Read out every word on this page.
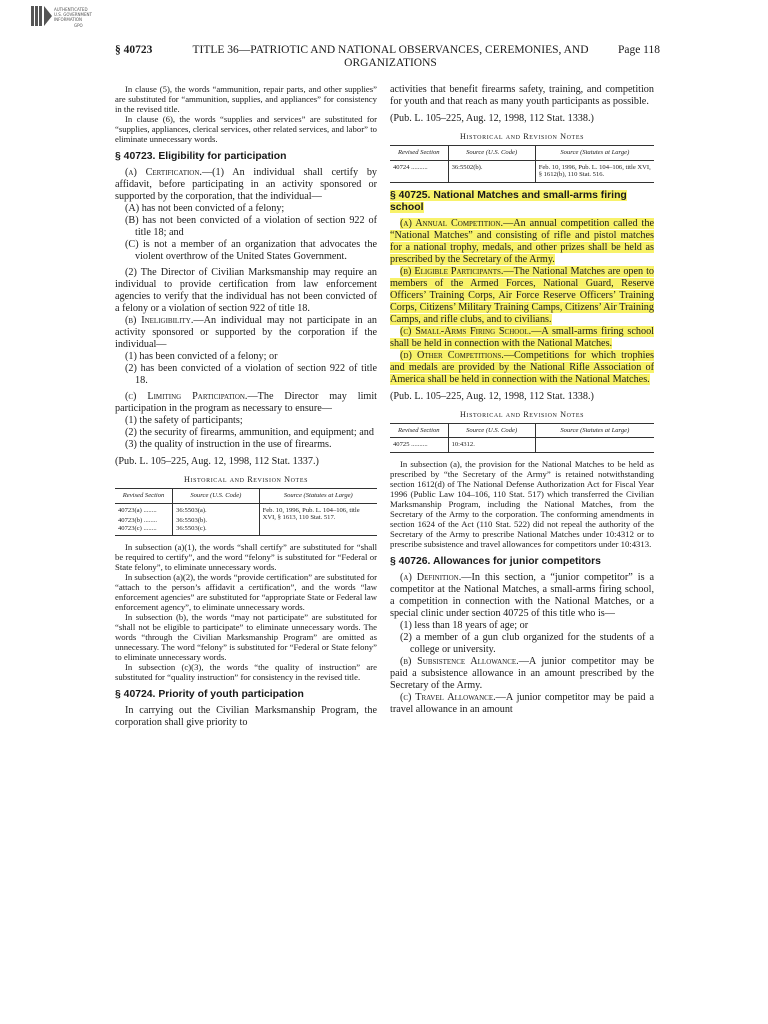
AUTHENTICATED
U.S. GOVERNMENT
INFORMATION
GPO
§ 40723	TITLE 36—PATRIOTIC AND NATIONAL OBSERVANCES, CEREMONIES, AND ORGANIZATIONS
Page 118

In clause (5), the words “ammunition, repair parts, and other supplies” are substituted for “ammunition, supplies, and appliances” for consistency in the revised title.

In clause (6), the words “supplies and services” are substituted for “supplies, appliances, clerical services, other related services, and labor” to eliminate unnecessary words.

§ 40723. Eligibility for participation

(a) Certification.—(1) An individual shall certify by affidavit, before participating in an activity sponsored or supported by the corporation, that the individual—

(A) has not been convicted of a felony;

(B) has not been convicted of a violation of section 922 of title 18; and

(C) is not a member of an organization that advocates the violent overthrow of the United States Government.

(2) The Director of Civilian Marksmanship may require an individual to provide certification from law enforcement agencies to verify that the individual has not been convicted of a felony or a violation of section 922 of title 18.

(b) Ineligibility.—An individual may not participate in an activity sponsored or supported by the corporation if the individual—

(1) has been convicted of a felony; or

(2) has been convicted of a violation of section 922 of title 18.

(c) Limiting Participation.—The Director may limit participation in the program as necessary to ensure—

(1) the safety of participants;

(2) the security of firearms, ammunition, and equipment; and

(3) the quality of instruction in the use of firearms.

(Pub. L. 105–225, Aug. 12, 1998, 112 Stat. 1337.)

Historical and Revision Notes
Revised Section	Source (U.S. Code)	Source (Statutes at Large)
40723(a) ........	36:5503(a).	Feb. 10, 1996, Pub. L. 104–106, title XVI, § 1613, 110 Stat. 517.
40723(b) ........	36:5503(b).	
40723(c) ........	36:5503(c).	

In subsection (a)(1), the words “shall certify” are substituted for “shall be required to certify”, and the word “felony” is substituted for “Federal or State felony”, to eliminate unnecessary words.

In subsection (a)(2), the words “provide certification” are substituted for “attach to the person’s affidavit a certification”, and the words “law enforcement agencies” are substituted for “appropriate State or Federal law enforcement agency”, to eliminate unnecessary words.

In subsection (b), the words “may not participate” are substituted for “shall not be eligible to participate” to eliminate unnecessary words. The words “through the Civilian Marksmanship Program” are omitted as unnecessary. The word “felony” is substituted for “Federal or State felony” to eliminate unnecessary words.

In subsection (c)(3), the words “the quality of instruction” are substituted for “quality instruction” for consistency in the revised title.

§ 40724. Priority of youth participation

In carrying out the Civilian Marksmanship Program, the corporation shall give priority to

activities that benefit firearms safety, training, and competition for youth and that reach as many youth participants as possible.

(Pub. L. 105–225, Aug. 12, 1998, 112 Stat. 1338.)

Historical and Revision Notes
Revised Section	Source (U.S. Code)	Source (Statutes at Large)
40724 ..........	36:5502(b).	Feb. 10, 1996, Pub. L. 104–106, title XVI, § 1612(b), 110 Stat. 516.
§ 40725. National Matches and small-arms firing school

(a) Annual Competition.—An annual competition called the “National Matches” and consisting of rifle and pistol matches for a national trophy, medals, and other prizes shall be held as prescribed by the Secretary of the Army.

(b) Eligible Participants.—The National Matches are open to members of the Armed Forces, National Guard, Reserve Officers’ Training Corps, Air Force Reserve Officers’ Training Corps, Citizens’ Military Training Camps, Citizens’ Air Training Camps, and rifle clubs, and to civilians.

(c) Small-Arms Firing School.—A small-arms firing school shall be held in connection with the National Matches.

(d) Other Competitions.—Competitions for which trophies and medals are provided by the National Rifle Association of America shall be held in connection with the National Matches.

(Pub. L. 105–225, Aug. 12, 1998, 112 Stat. 1338.)

Historical and Revision Notes
Revised Section	Source (U.S. Code)	Source (Statutes at Large)
40725 ..........	10:4312.	

In subsection (a), the provision for the National Matches to be held as prescribed by “the Secretary of the Army” is retained notwithstanding section 1612(d) of The National Defense Authorization Act for Fiscal Year 1996 (Public Law 104–106, 110 Stat. 517) which transferred the Civilian Marksmanship Program, including the National Matches, from the Secretary of the Army to the corporation. The conforming amendments in section 1624 of the Act (110 Stat. 522) did not repeal the authority of the Secretary of the Army to prescribe National Matches under 10:4312 or to prescribe subsistence and travel allowances for competitors under 10:4313.

§ 40726. Allowances for junior competitors

(a) Definition.—In this section, a “junior competitor” is a competitor at the National Matches, a small-arms firing school, a competition in connection with the National Matches, or a special clinic under section 40725 of this title who is—

(1) less than 18 years of age; or

(2) a member of a gun club organized for the students of a college or university.

(b) Subsistence Allowance.—A junior competitor may be paid a subsistence allowance in an amount prescribed by the Secretary of the Army.

(c) Travel Allowance.—A junior competitor may be paid a travel allowance in an amount
